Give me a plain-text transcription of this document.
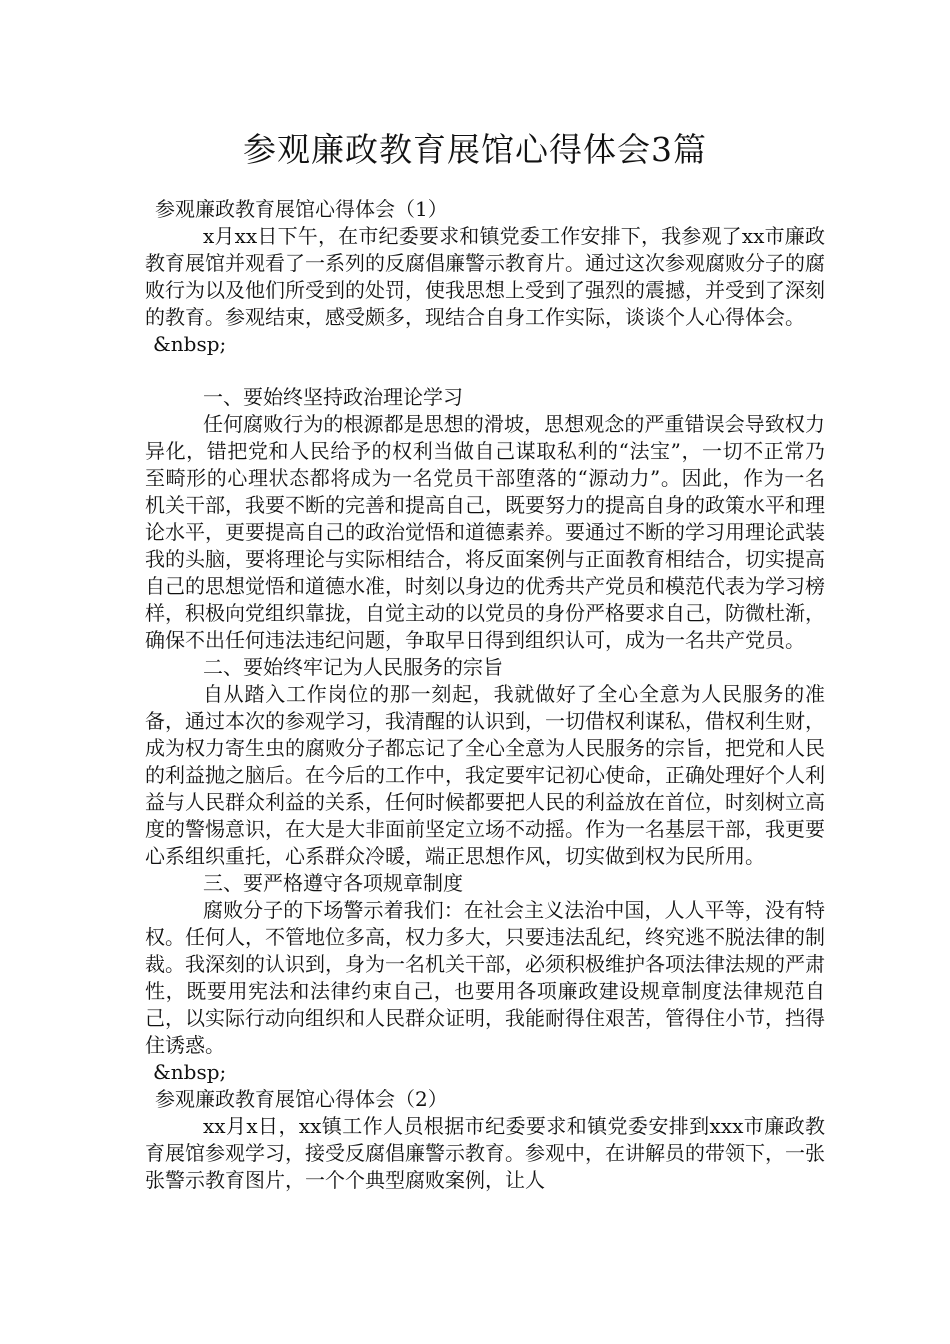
参观廉政教育展馆心得体会3篇

参观廉政教育展馆心得体会（1）

x月xx日下午，在市纪委要求和镇党委工作安排下，我参观了xx市廉政教育展馆并观看了一系列的反腐倡廉警示教育片。通过这次参观腐败分子的腐败行为以及他们所受到的处罚，使我思想上受到了强烈的震撼，并受到了深刻的教育。参观结束，感受颇多，现结合自身工作实际，谈谈个人心得体会。

&nbsp;

一、要始终坚持政治理论学习

任何腐败行为的根源都是思想的滑坡，思想观念的严重错误会导致权力异化，错把党和人民给予的权利当做自己谋取私利的“法宝”，一切不正常乃至畸形的心理状态都将成为一名党员干部堕落的“源动力”。因此，作为一名机关干部，我要不断的完善和提高自己，既要努力的提高自身的政策水平和理论水平，更要提高自己的政治觉悟和道德素养。要通过不断的学习用理论武装我的头脑，要将理论与实际相结合，将反面案例与正面教育相结合，切实提高自己的思想觉悟和道德水准，时刻以身边的优秀共产党员和模范代表为学习榜样，积极向党组织靠拢，自觉主动的以党员的身份严格要求自己，防微杜渐，确保不出任何违法违纪问题，争取早日得到组织认可，成为一名共产党员。

二、要始终牢记为人民服务的宗旨

自从踏入工作岗位的那一刻起，我就做好了全心全意为人民服务的准备，通过本次的参观学习，我清醒的认识到，一切借权利谋私，借权利生财，成为权力寄生虫的腐败分子都忘记了全心全意为人民服务的宗旨，把党和人民的利益抛之脑后。在今后的工作中，我定要牢记初心使命，正确处理好个人利益与人民群众利益的关系，任何时候都要把人民的利益放在首位，时刻树立高度的警惕意识，在大是大非面前坚定立场不动摇。作为一名基层干部，我更要心系组织重托，心系群众冷暖，端正思想作风，切实做到权为民所用。

三、要严格遵守各项规章制度

腐败分子的下场警示着我们：在社会主义法治中国，人人平等，没有特权。任何人，不管地位多高，权力多大，只要违法乱纪，终究逃不脱法律的制裁。我深刻的认识到，身为一名机关干部，必须积极维护各项法律法规的严肃性，既要用宪法和法律约束自己，也要用各项廉政建设规章制度法律规范自己，以实际行动向组织和人民群众证明，我能耐得住艰苦，管得住小节，挡得住诱惑。

&nbsp;

参观廉政教育展馆心得体会（2）

xx月x日，xx镇工作人员根据市纪委要求和镇党委安排到xxx市廉政教育展馆参观学习，接受反腐倡廉警示教育。参观中，在讲解员的带领下，一张张警示教育图片，一个个典型腐败案例，让人
